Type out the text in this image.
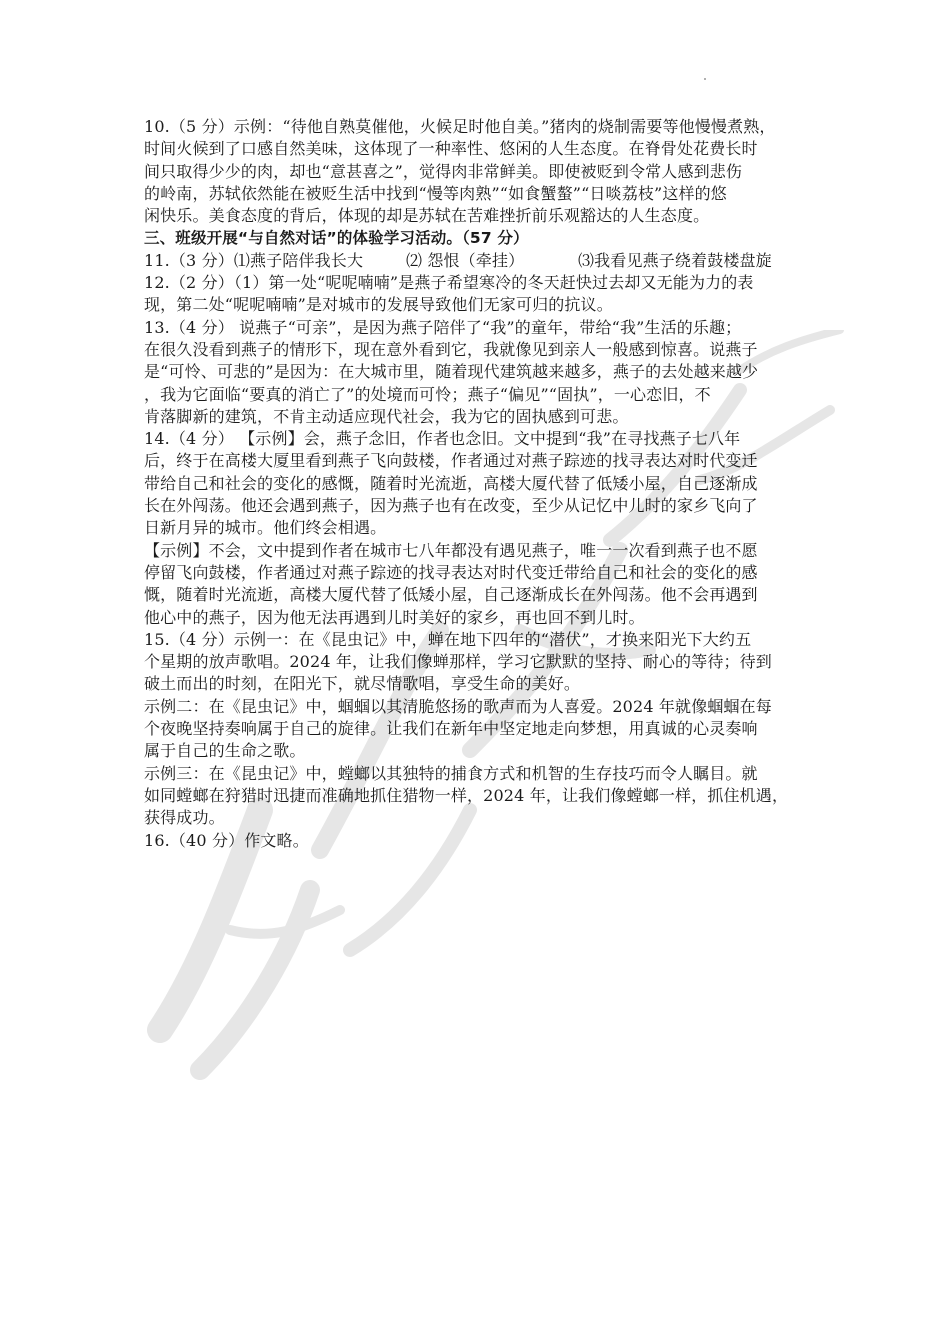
10.（5 分）示例：“待他自熟莫催他，火候足时他自美。”猪肉的烧制需要等他慢慢煮熟，
时间火候到了口感自然美味，这体现了一种率性、悠闲的人生态度。在脊骨处花费长时
间只取得少少的肉，却也“意甚喜之”，觉得肉非常鲜美。即使被贬到令常人感到悲伤
的岭南，苏轼依然能在被贬生活中找到“慢等肉熟”“如食蟹螯”“日啖荔枝”这样的悠
闲快乐。美食态度的背后，体现的却是苏轼在苦难挫折前乐观豁达的人生态度。
三、班级开展“与自然对话”的体验学习活动。（57 分）
11.（3 分）⑴燕子陪伴我长大	⑵ 怨恨（牵挂）	⑶我看见燕子绕着鼓楼盘旋
12.（2 分）（1）第一处“呢呢喃喃”是燕子希望寒冷的冬天赶快过去却又无能为力的表
现，第二处“呢呢喃喃”是对城市的发展导致他们无家可归的抗议。
13.（4 分） 说燕子“可亲”，是因为燕子陪伴了“我”的童年，带给“我”生活的乐趣；
在很久没看到燕子的情形下，现在意外看到它，我就像见到亲人一般感到惊喜。说燕子
是“可怜、可悲的”是因为：在大城市里，随着现代建筑越来越多，燕子的去处越来越少
，我为它面临“要真的消亡了”的处境而可怜；燕子“偏见”“固执”，一心恋旧，不
肯落脚新的建筑，不肯主动适应现代社会，我为它的固执感到可悲。
14.（4 分） 【示例】会，燕子念旧，作者也念旧。文中提到“我”在寻找燕子七八年
后，终于在高楼大厦里看到燕子飞向鼓楼，作者通过对燕子踪迹的找寻表达对时代变迁
带给自己和社会的变化的感慨，随着时光流逝，高楼大厦代替了低矮小屋，自己逐渐成
长在外闯荡。他还会遇到燕子，因为燕子也有在改变，至少从记忆中儿时的家乡飞向了
日新月异的城市。他们终会相遇。
【示例】不会，文中提到作者在城市七八年都没有遇见燕子，唯一一次看到燕子也不愿
停留飞向鼓楼，作者通过对燕子踪迹的找寻表达对时代变迁带给自己和社会的变化的感
慨，随着时光流逝，高楼大厦代替了低矮小屋，自己逐渐成长在外闯荡。他不会再遇到
他心中的燕子，因为他无法再遇到儿时美好的家乡，再也回不到儿时。
15.（4 分）示例一：在《昆虫记》中，蝉在地下四年的“潜伏”，才换来阳光下大约五
个星期的放声歌唱。2024 年，让我们像蝉那样，学习它默默的坚持、耐心的等待；待到
破土而出的时刻，在阳光下，就尽情歌唱，享受生命的美好。
示例二：在《昆虫记》中，蝈蝈以其清脆悠扬的歌声而为人喜爱。2024 年就像蝈蝈在每
个夜晚坚持奏响属于自己的旋律。让我们在新年中坚定地走向梦想，用真诚的心灵奏响
属于自己的生命之歌。
示例三：在《昆虫记》中，螳螂以其独特的捕食方式和机智的生存技巧而令人瞩目。就
如同螳螂在狩猎时迅捷而准确地抓住猎物一样，2024 年，让我们像螳螂一样，抓住机遇，
获得成功。
16.（40 分）作文略。
